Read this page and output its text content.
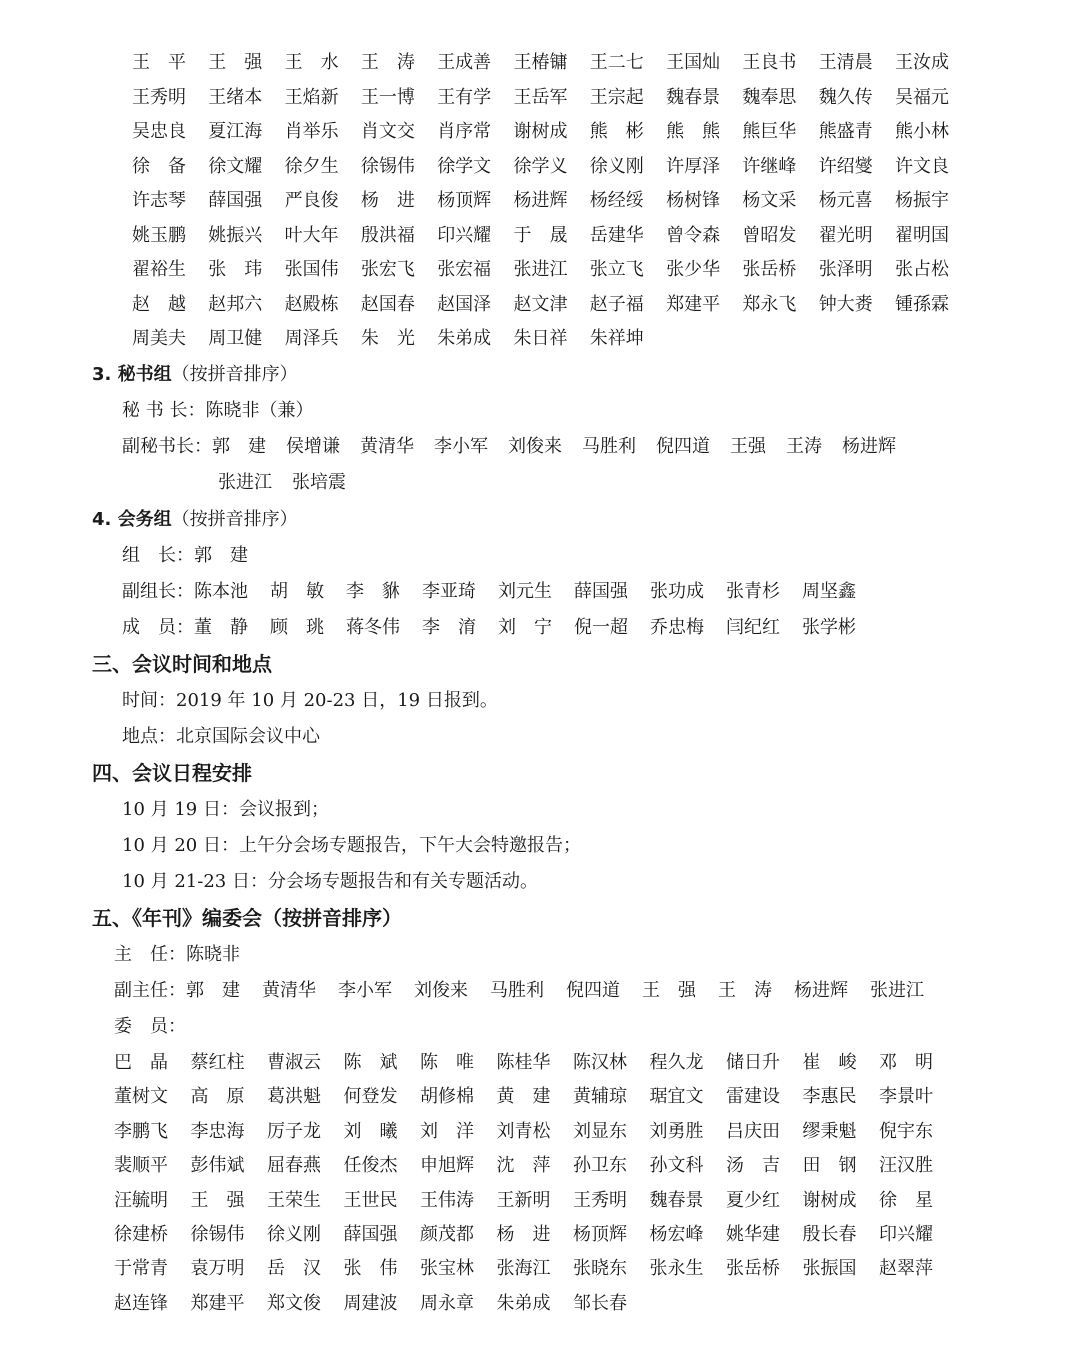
王　平 王　强 王　水 王　涛 王成善 王椿镛 王二七 王国灿 王良书 王清晨 王汝成
王秀明 王绪本 王焰新 王一博 王有学 王岳军 王宗起 魏春景 魏奉思 魏久传 吴福元
吴忠良 夏江海 肖举乐 肖文交 肖序常 谢树成 熊　彬 熊　熊 熊巨华 熊盛青 熊小林
徐　备 徐文耀 徐夕生 徐锡伟 徐学文 徐学义 徐义刚 许厚泽 许继峰 许绍燮 许文良
许志琴 薛国强 严良俊 杨　进 杨顶辉 杨进辉 杨经绥 杨树锋 杨文采 杨元喜 杨振宇
姚玉鹏 姚振兴 叶大年 殷洪福 印兴耀 于　晟 岳建华 曾令森 曾昭发 翟光明 翟明国
翟裕生 张　玮 张国伟 张宏飞 张宏福 张进江 张立飞 张少华 张岳桥 张泽明 张占松
赵　越 赵邦六 赵殿栋 赵国春 赵国泽 赵文津 赵子福 郑建平 郑永飞 钟大赉 锺孫霖
周美夫 周卫健 周泽兵 朱　光 朱弟成 朱日祥 朱祥坤
3. 秘书组（按拼音排序）
秘 书 长：陈晓非（兼）
副秘书长：郭　建 侯增谦 黄清华 李小军 刘俊来 马胜利 倪四道 王强 王涛 杨进辉
张进江 张培震
4. 会务组（按拼音排序）
组　长：郭　建
副组长：陈本池 胡　敏 李　貅 李亚琦 刘元生 薛国强 张功成 张青杉 周坚鑫
成　员：董　静 顾　珧 蒋冬伟 李　淯 刘　宁 倪一超 乔忠梅 闫纪红 张学彬
三、会议时间和地点
时间：2019 年 10 月 20-23 日，19 日报到。
地点：北京国际会议中心
四、会议日程安排
10 月 19 日：会议报到；
10 月 20 日：上午分会场专题报告，下午大会特邀报告；
10 月 21-23 日：分会场专题报告和有关专题活动。
五、《年刊》编委会（按拼音排序）
主　任：陈晓非
副主任：郭　建 黄清华 李小军 刘俊来 马胜利 倪四道 王　强 王　涛 杨进辉 张进江
委　员：
巴　晶 蔡红柱 曹淑云 陈　斌 陈　唯 陈桂华 陈汉林 程久龙 储日升 崔　峻 邓　明
董树文 高　原 葛洪魁 何登发 胡修棉 黄　建 黄辅琼 琚宜文 雷建设 李惠民 李景叶
李鹏飞 李忠海 厉子龙 刘　曦 刘　洋 刘青松 刘显东 刘勇胜 吕庆田 缪秉魁 倪宇东
裴顺平 彭伟斌 屈春燕 任俊杰 申旭辉 沈　萍 孙卫东 孙文科 汤　吉 田　钢 汪汉胜
汪毓明 王　强 王荣生 王世民 王伟涛 王新明 王秀明 魏春景 夏少红 谢树成 徐　星
徐建桥 徐锡伟 徐义刚 薛国强 颜茂都 杨　进 杨顶辉 杨宏峰 姚华建 殷长春 印兴耀
于常青 袁万明 岳　汉 张　伟 张宝林 张海江 张晓东 张永生 张岳桥 张振国 赵翠萍
赵连锋 郑建平 郑文俊 周建波 周永章 朱弟成 邹长春
